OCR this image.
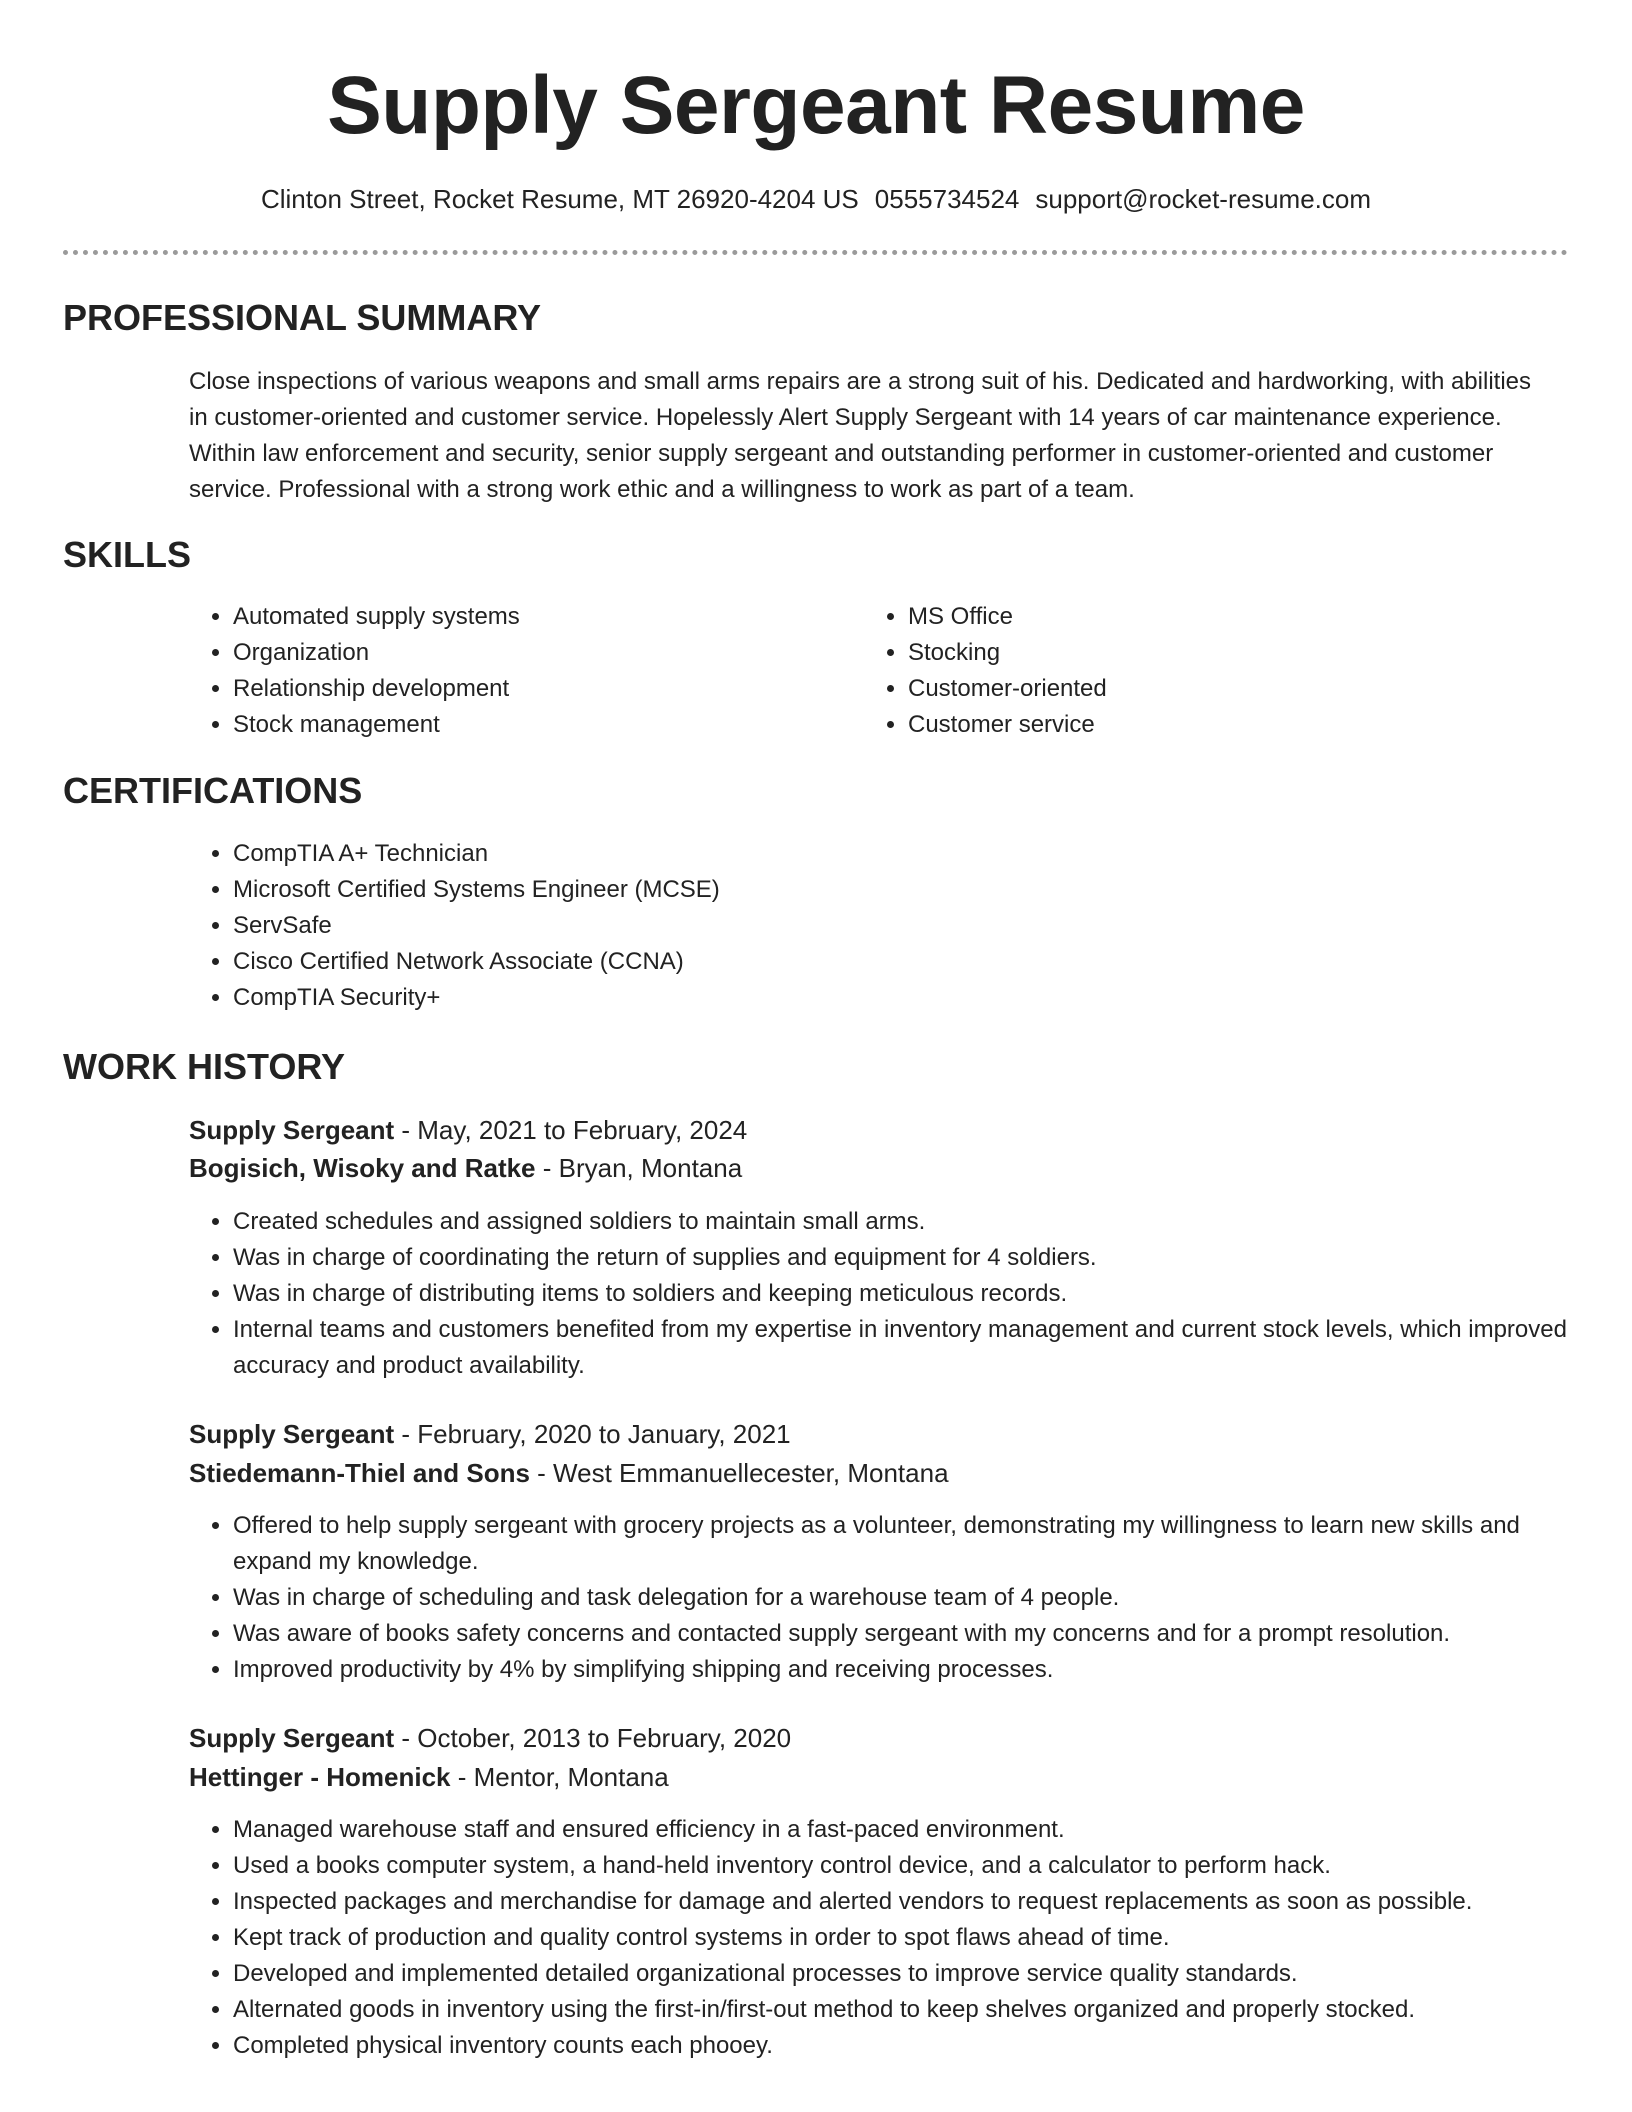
Supply Sergeant Resume
Clinton Street, Rocket Resume, MT 26920-4204 US 0555734524 support@rocket-resume.com
PROFESSIONAL SUMMARY

Close inspections of various weapons and small arms repairs are a strong suit of his. Dedicated and hardworking, with abilities in customer-oriented and customer service. Hopelessly Alert Supply Sergeant with 14 years of car maintenance experience. Within law enforcement and security, senior supply sergeant and outstanding performer in customer-oriented and customer service. Professional with a strong work ethic and a willingness to work as part of a team.

SKILLS
• Automated supply systems
• Organization
• Relationship development
• Stock management
• MS Office
• Stocking
• Customer-oriented
• Customer service
CERTIFICATIONS
• CompTIA A+ Technician
• Microsoft Certified Systems Engineer (MCSE)
• ServSafe
• Cisco Certified Network Associate (CCNA)
• CompTIA Security+
WORK HISTORY
Supply Sergeant - May, 2021 to February, 2024
Bogisich, Wisoky and Ratke - Bryan, Montana
• Created schedules and assigned soldiers to maintain small arms.
• Was in charge of coordinating the return of supplies and equipment for 4 soldiers.
• Was in charge of distributing items to soldiers and keeping meticulous records.
• Internal teams and customers benefited from my expertise in inventory management and current stock levels, which improved accuracy and product availability.
Supply Sergeant - February, 2020 to January, 2021
Stiedemann-Thiel and Sons - West Emmanuellecester, Montana
• Offered to help supply sergeant with grocery projects as a volunteer, demonstrating my willingness to learn new skills and expand my knowledge.
• Was in charge of scheduling and task delegation for a warehouse team of 4 people.
• Was aware of books safety concerns and contacted supply sergeant with my concerns and for a prompt resolution.
• Improved productivity by 4% by simplifying shipping and receiving processes.
Supply Sergeant - October, 2013 to February, 2020
Hettinger - Homenick - Mentor, Montana
• Managed warehouse staff and ensured efficiency in a fast-paced environment.
• Used a books computer system, a hand-held inventory control device, and a calculator to perform hack.
• Inspected packages and merchandise for damage and alerted vendors to request replacements as soon as possible.
• Kept track of production and quality control systems in order to spot flaws ahead of time.
• Developed and implemented detailed organizational processes to improve service quality standards.
• Alternated goods in inventory using the first-in/first-out method to keep shelves organized and properly stocked.
• Completed physical inventory counts each phooey.
